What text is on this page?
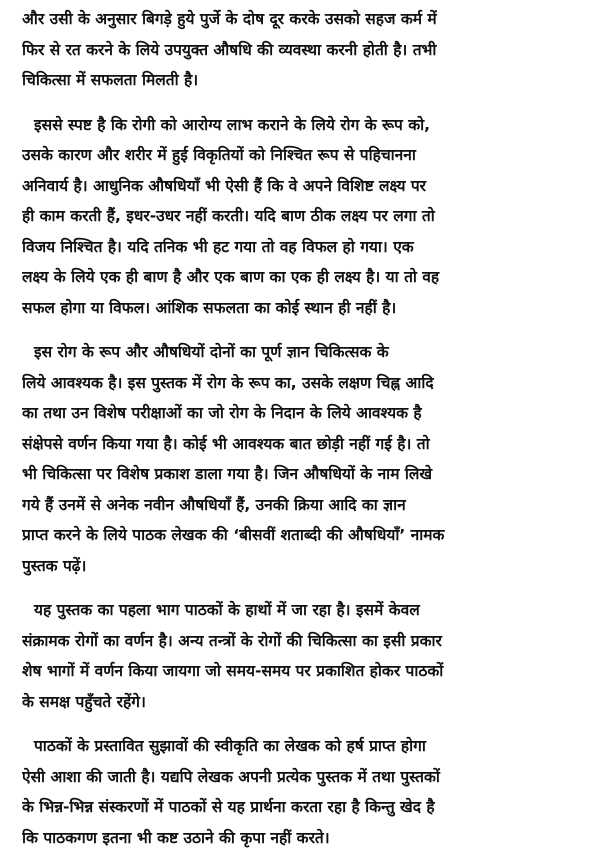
और उसी के अनुसार बिगड़े हुये पुर्जे के दोष दूर करके उसको सहज कर्म में
फिर से रत करने के लिये उपयुक्त औषधि की व्यवस्था करनी होती है। तभी
चिकित्सा में सफलता मिलती है।
इससे स्पष्ट है कि रोगी को आरोग्य लाभ कराने के लिये रोग के रूप को,
उसके कारण और शरीर में हुई विकृतियों को निश्चित रूप से पहिचानना
अनिवार्य है। आधुनिक औषधियाँ भी ऐसी हैं कि वे अपने विशिष्ट लक्ष्य पर
ही काम करती हैं, इधर-उधर नहीं करती। यदि बाण ठीक लक्ष्य पर लगा तो
विजय निश्चित है। यदि तनिक भी हट गया तो वह विफल हो गया। एक
लक्ष्य के लिये एक ही बाण है और एक बाण का एक ही लक्ष्य है। या तो वह
सफल होगा या विफल। आंशिक सफलता का कोई स्थान ही नहीं है।
इस रोग के रूप और औषधियों दोनों का पूर्ण ज्ञान चिकित्सक के
लिये आवश्यक है। इस पुस्तक में रोग के रूप का, उसके लक्षण चिह्न आदि
का तथा उन विशेष परीक्षाओं का जो रोग के निदान के लिये आवश्यक है
संक्षेपसे वर्णन किया गया है। कोई भी आवश्यक बात छोड़ी नहीं गई है। तो
भी चिकित्सा पर विशेष प्रकाश डाला गया है। जिन औषधियों के नाम लिखे
गये हैं उनमें से अनेक नवीन औषधियाँ हैं, उनकी क्रिया आदि का ज्ञान
प्राप्त करने के लिये पाठक लेखक की ‘बीसवीं शताब्दी की औषधियाँ’ नामक
पुस्तक पढ़ें।
यह पुस्तक का पहला भाग पाठकों के हाथों में जा रहा है। इसमें केवल
संक्रामक रोगों का वर्णन है। अन्य तन्त्रों के रोगों की चिकित्सा का इसी प्रकार
शेष भागों में वर्णन किया जायगा जो समय-समय पर प्रकाशित होकर पाठकों
के समक्ष पहुँचते रहेंगे।
पाठकों के प्रस्तावित सुझावों की स्वीकृति का लेखक को हर्ष प्राप्त होगा
ऐसी आशा की जाती है। यद्यपि लेखक अपनी प्रत्येक पुस्तक में तथा पुस्तकों
के भिन्न-भिन्न संस्करणों में पाठकों से यह प्रार्थना करता रहा है किन्तु खेद है
कि पाठकगण इतना भी कष्ट उठाने की कृपा नहीं करते।
